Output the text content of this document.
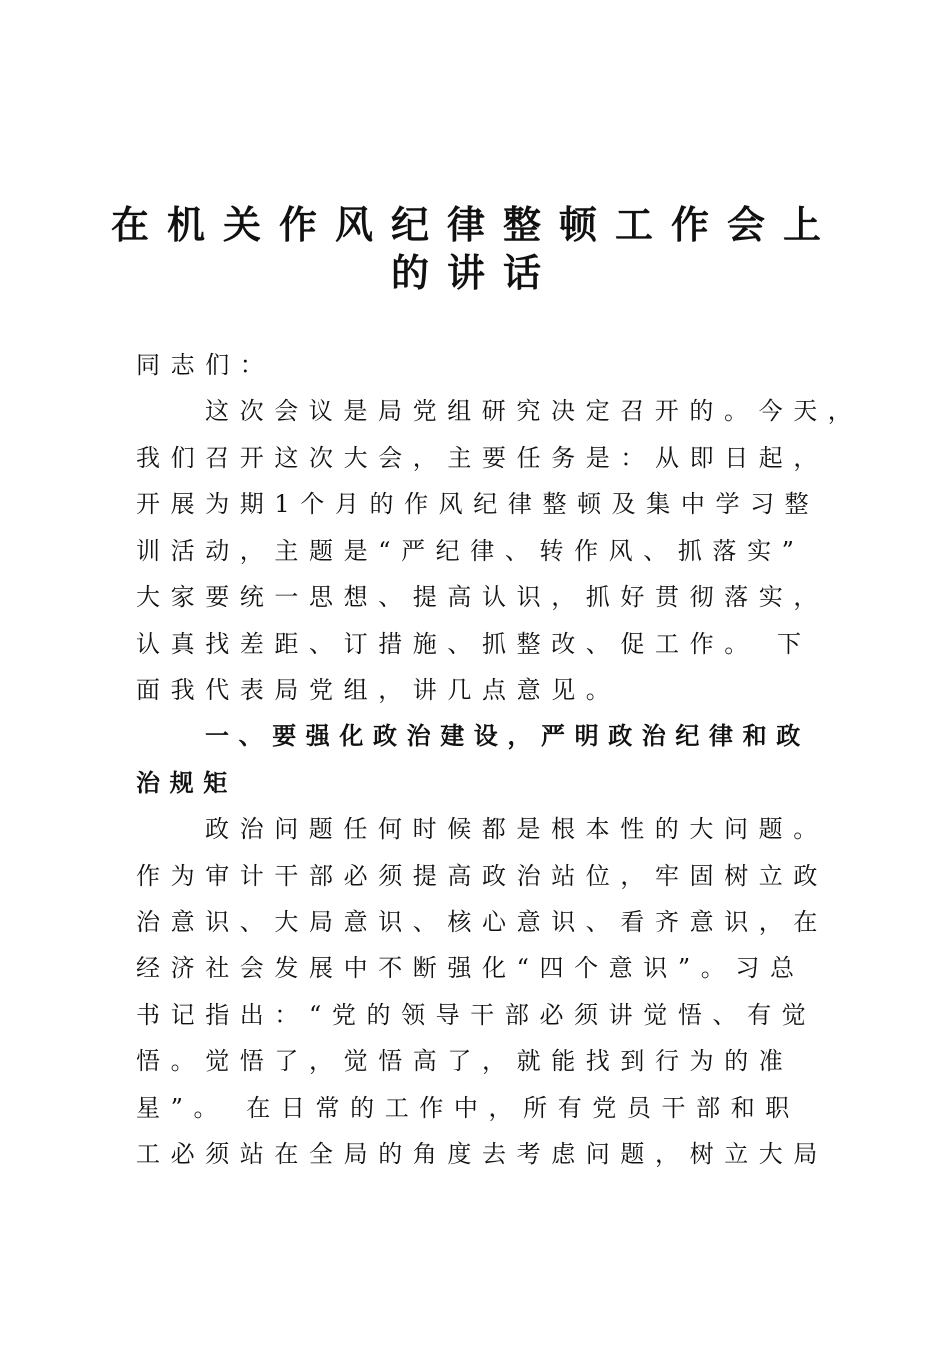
在机关作风纪律整顿工作会上
的讲话
同志们：
这次会议是局党组研究决定召开的。今天，
我们召开这次大会，主要任务是：从即日起，
开展为期1个月的作风纪律整顿及集中学习整
训活动，主题是“严纪律、转作风、抓落实”
大家要统一思想、提高认识，抓好贯彻落实，
认真找差距、订措施、抓整改、促工作。 下
面我代表局党组，讲几点意见。
一、要强化政治建设，严明政治纪律和政
治规矩
政治问题任何时候都是根本性的大问题。
作为审计干部必须提高政治站位，牢固树立政
治意识、大局意识、核心意识、看齐意识，在
经济社会发展中不断强化“四个意识”。习总
书记指出：“党的领导干部必须讲觉悟、有觉
悟。觉悟了，觉悟高了，就能找到行为的准
星”。 在日常的工作中，所有党员干部和职
工必须站在全局的角度去考虑问题，树立大局
